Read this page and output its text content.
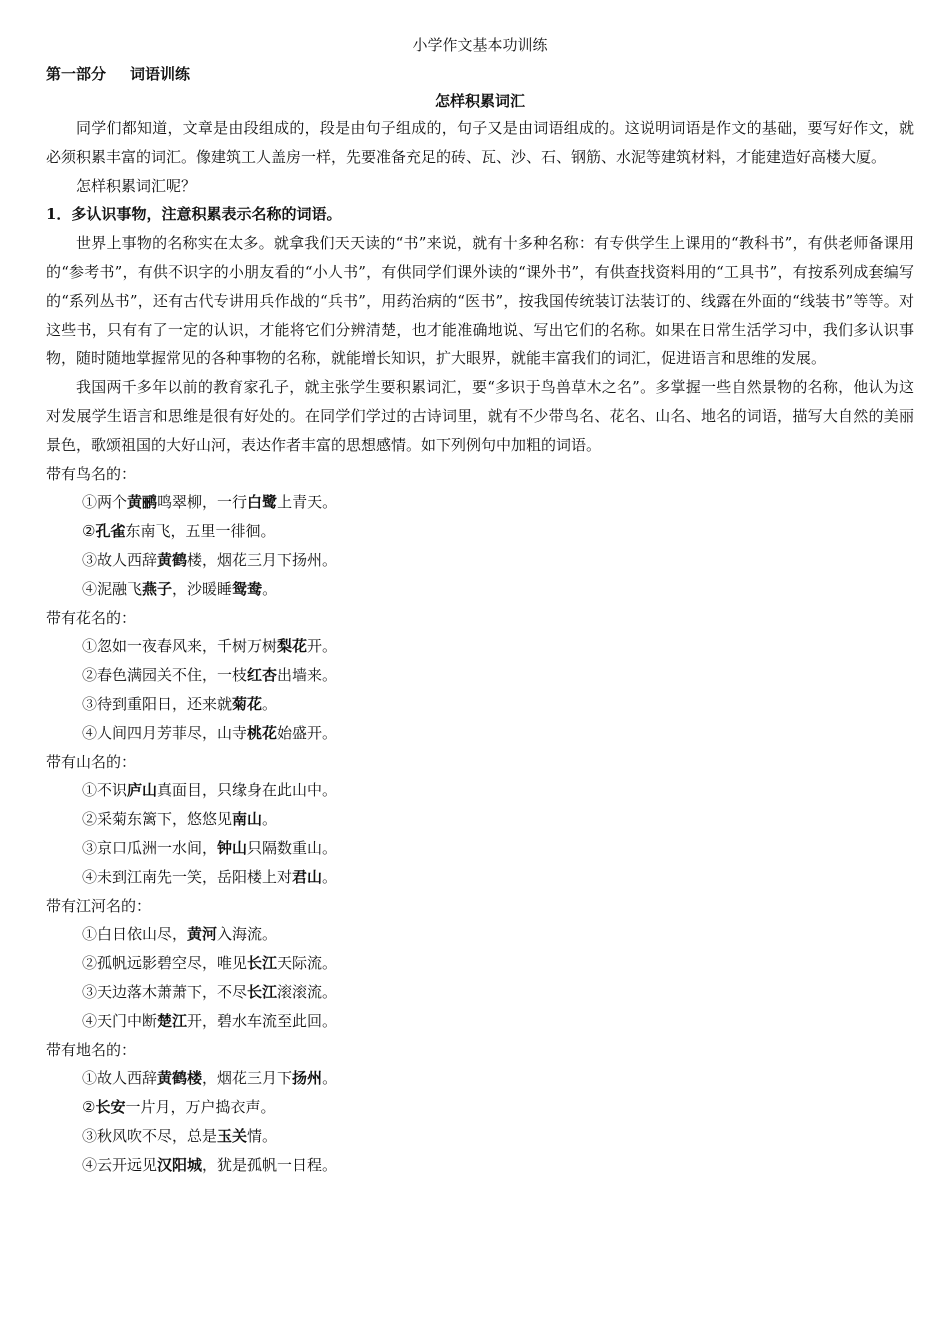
小学作文基本功训练

第一部分 词语训练

怎样积累词汇

同学们都知道，文章是由段组成的，段是由句子组成的，句子又是由词语组成的。这说明词语是作文的基础，要写好作文，就必须积累丰富的词汇。像建筑工人盖房一样，先要准备充足的砖、瓦、沙、石、钢筋、水泥等建筑材料，才能建造好高楼大厦。

怎样积累词汇呢？

1．多认识事物，注意积累表示名称的词语。

世界上事物的名称实在太多。就拿我们天天读的“书”来说，就有十多种名称：有专供学生上课用的“教科书”，有供老师备课用的“参考书”，有供不识字的小朋友看的“小人书”，有供同学们课外读的“课外书”，有供查找资料用的“工具书”，有按系列成套编写的“系列丛书”，还有古代专讲用兵作战的“兵书”，用药治病的“医书”，按我国传统装订法装订的、线露在外面的“线装书”等等。对这些书，只有有了一定的认识，才能将它们分辨清楚，也才能准确地说、写出它们的名称。如果在日常生活学习中，我们多认识事物，随时随地掌握常见的各种事物的名称，就能增长知识，扩大眼界，就能丰富我们的词汇，促进语言和思维的发展。

我国两千多年以前的教育家孔子，就主张学生要积累词汇，要“多识于鸟兽草木之名”。多掌握一些自然景物的名称，他认为这对发展学生语言和思维是很有好处的。在同学们学过的古诗词里，就有不少带鸟名、花名、山名、地名的词语，描写大自然的美丽景色，歌颂祖国的大好山河，表达作者丰富的思想感情。如下列例句中加粗的词语。

带有鸟名的：

①两个黄鹂鸣翠柳，一行白鹭上青天。

②孔雀东南飞，五里一徘徊。

③故人西辞黄鹤楼，烟花三月下扬州。

④泥融飞燕子，沙暖睡鸳鸯。

带有花名的：

①忽如一夜春风来，千树万树梨花开。

②春色满园关不住，一枝红杏出墙来。

③待到重阳日，还来就菊花。

④人间四月芳菲尽，山寺桃花始盛开。

带有山名的：

①不识庐山真面目，只缘身在此山中。

②采菊东篱下，悠悠见南山。

③京口瓜洲一水间，钟山只隔数重山。

④未到江南先一笑，岳阳楼上对君山。

带有江河名的：

①白日依山尽，黄河入海流。

②孤帆远影碧空尽，唯见长江天际流。

③天边落木萧萧下，不尽长江滚滚流。

④天门中断楚江开，碧水车流至此回。

带有地名的：

①故人西辞黄鹤楼，烟花三月下扬州。

②长安一片月，万户捣衣声。

③秋风吹不尽，总是玉关情。

④云开远见汉阳城，犹是孤帆一日程。
